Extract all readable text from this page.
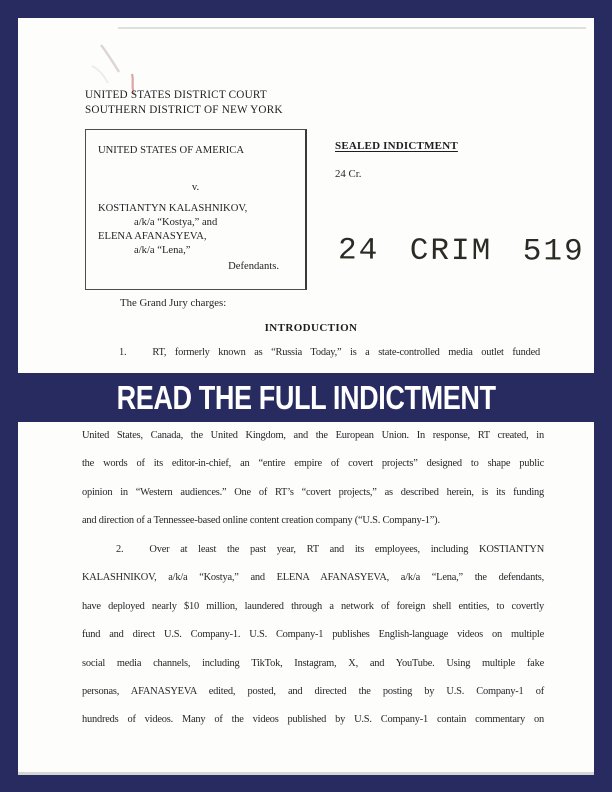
UNITED STATES DISTRICT COURT
SOUTHERN DISTRICT OF NEW YORK
UNITED STATES OF AMERICA
v.
KOSTIANTYN KALASHNIKOV,
a/k/a “Kostya,” and
ELENA AFANASYEVA,
a/k/a “Lena,”
Defendants.
SEALED INDICTMENT
24 Cr.
24 CRIM 519
The Grand Jury charges:
INTRODUCTION
1.	RT, formerly known as “Russia Today,” is a state-controlled media outlet funded
READ THE FULL INDICTMENT
United States, Canada, the United Kingdom, and the European Union. In response, RT created, in
the words of its editor-in-chief, an “entire empire of covert projects” designed to shape public
opinion in “Western audiences.” One of RT’s “covert projects,” as described herein, is its funding
and direction of a Tennessee-based online content creation company (“U.S. Company-1”).
2.	Over at least the past year, RT and its employees, including KOSTIANTYN
KALASHNIKOV, a/k/a “Kostya,” and ELENA AFANASYEVA, a/k/a “Lena,” the defendants,
have deployed nearly $10 million, laundered through a network of foreign shell entities, to covertly
fund and direct U.S. Company-1. U.S. Company-1 publishes English-language videos on multiple
social media channels, including TikTok, Instagram, X, and YouTube. Using multiple fake
personas, AFANASYEVA edited, posted, and directed the posting by U.S. Company-1 of
hundreds of videos. Many of the videos published by U.S. Company-1 contain commentary on
